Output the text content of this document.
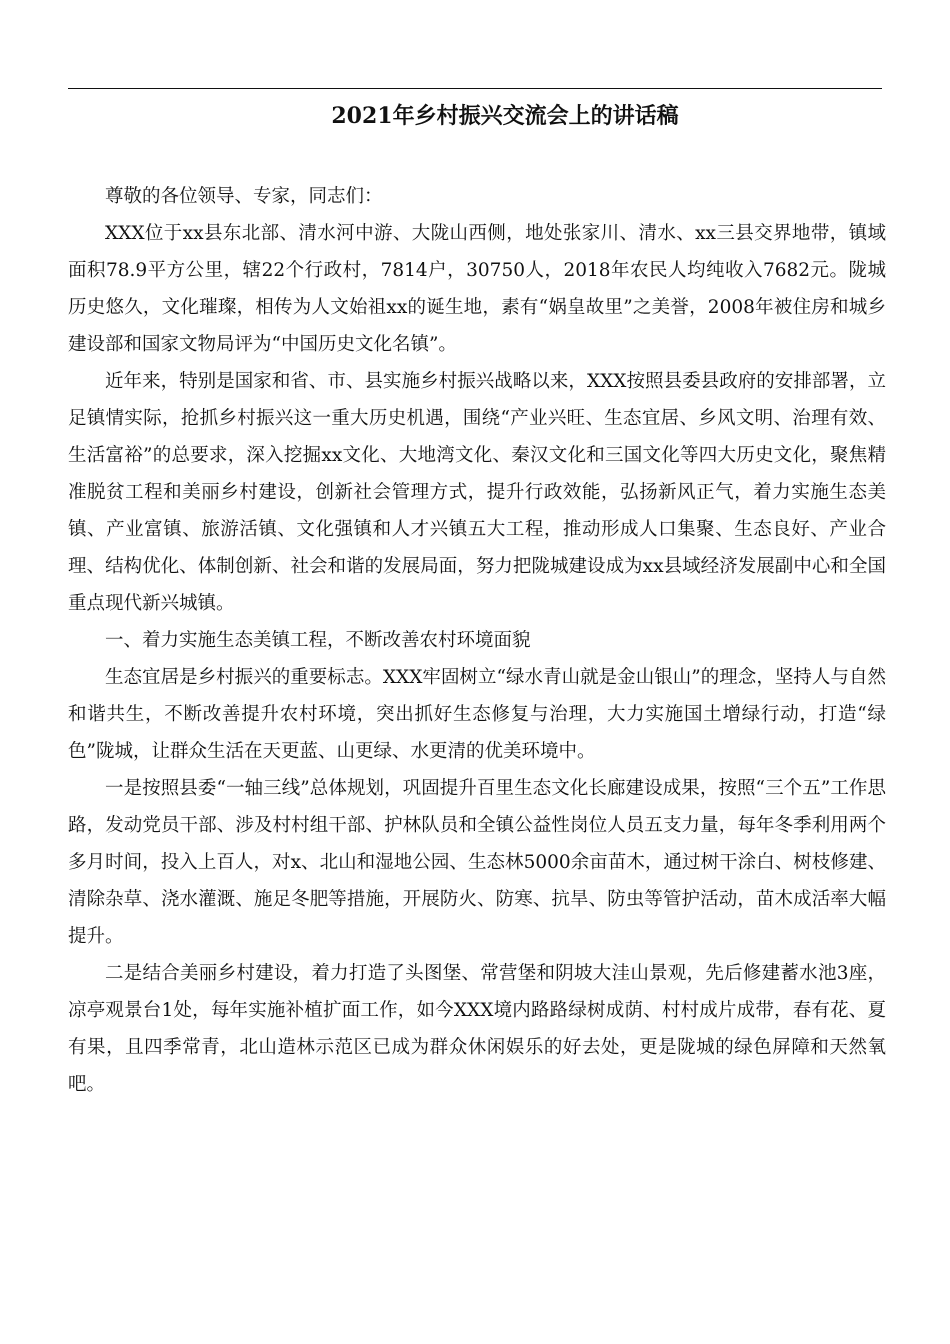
2021年乡村振兴交流会上的讲话稿

尊敬的各位领导、专家，同志们：

XXX位于xx县东北部、清水河中游、大陇山西侧，地处张家川、清水、xx三县交界地带，镇域面积78.9平方公里，辖22个行政村，7814户，30750人，2018年农民人均纯收入7682元。陇城历史悠久，文化璀璨，相传为人文始祖xx的诞生地，素有“娲皇故里”之美誉，2008年被住房和城乡建设部和国家文物局评为“中国历史文化名镇”。

近年来，特别是国家和省、市、县实施乡村振兴战略以来，XXX按照县委县政府的安排部署，立足镇情实际，抢抓乡村振兴这一重大历史机遇，围绕“产业兴旺、生态宜居、乡风文明、治理有效、生活富裕”的总要求，深入挖掘xx文化、大地湾文化、秦汉文化和三国文化等四大历史文化，聚焦精准脱贫工程和美丽乡村建设，创新社会管理方式，提升行政效能，弘扬新风正气，着力实施生态美镇、产业富镇、旅游活镇、文化强镇和人才兴镇五大工程，推动形成人口集聚、生态良好、产业合理、结构优化、体制创新、社会和谐的发展局面，努力把陇城建设成为xx县域经济发展副中心和全国重点现代新兴城镇。

一、着力实施生态美镇工程，不断改善农村环境面貌

生态宜居是乡村振兴的重要标志。XXX牢固树立“绿水青山就是金山银山”的理念，坚持人与自然和谐共生，不断改善提升农村环境，突出抓好生态修复与治理，大力实施国土增绿行动，打造“绿色”陇城，让群众生活在天更蓝、山更绿、水更清的优美环境中。

一是按照县委“一轴三线”总体规划，巩固提升百里生态文化长廊建设成果，按照“三个五”工作思路，发动党员干部、涉及村村组干部、护林队员和全镇公益性岗位人员五支力量，每年冬季利用两个多月时间，投入上百人，对x、北山和湿地公园、生态林5000余亩苗木，通过树干涂白、树枝修建、清除杂草、浇水灌溉、施足冬肥等措施，开展防火、防寒、抗旱、防虫等管护活动，苗木成活率大幅提升。

二是结合美丽乡村建设，着力打造了头图堡、常营堡和阴坡大洼山景观，先后修建蓄水池3座，凉亭观景台1处，每年实施补植扩面工作，如今XXX境内路路绿树成荫、村村成片成带，春有花、夏有果，且四季常青，北山造林示范区已成为群众休闲娱乐的好去处，更是陇城的绿色屏障和天然氧吧。
